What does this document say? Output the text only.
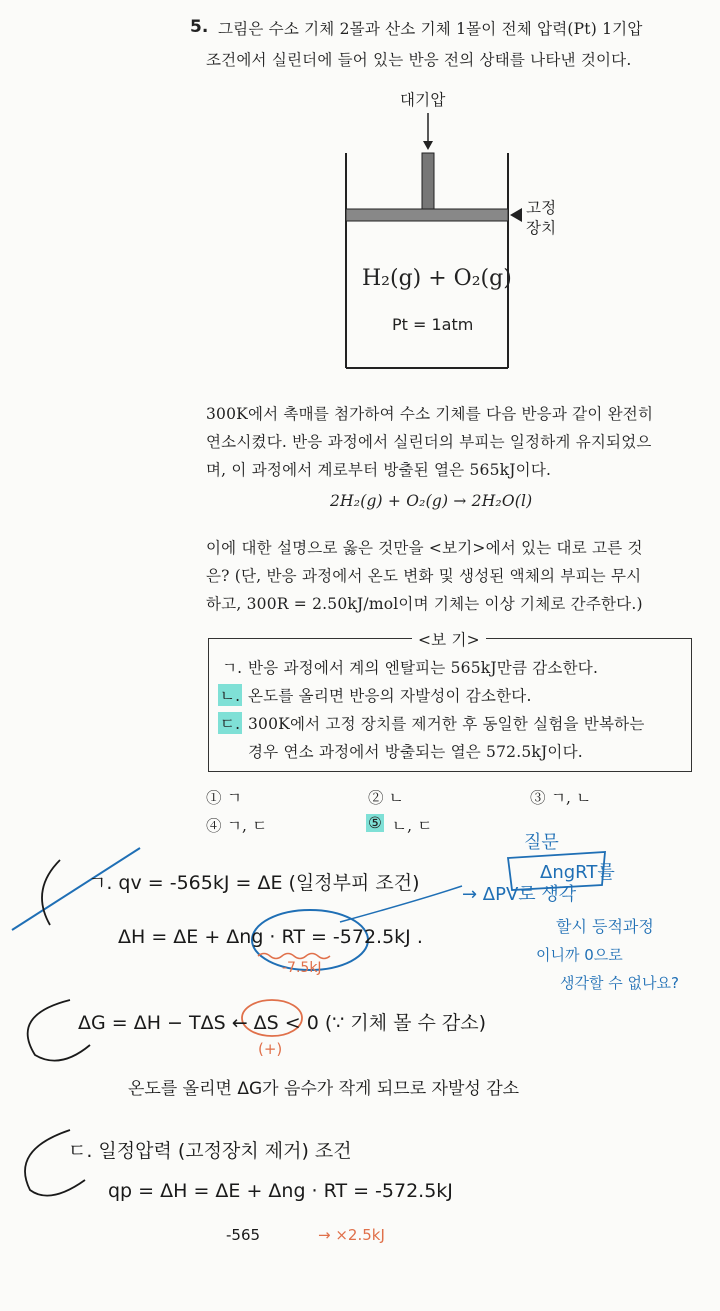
5. 그림은 수소 기체 2몰과 산소 기체 1몰이 전체 압력(Pt) 1기압
조건에서 실린더에 들어 있는 반응 전의 상태를 나타낸 것이다.
대기압
고정
장치
H₂(g) + O₂(g)
Pt = 1atm
300K에서 촉매를 첨가하여 수소 기체를 다음 반응과 같이 완전히
연소시켰다. 반응 과정에서 실린더의 부피는 일정하게 유지되었으
며, 이 과정에서 계로부터 방출된 열은 565kJ이다.
2H₂(g) + O₂(g) → 2H₂O(l)
이에 대한 설명으로 옳은 것만을 <보기>에서 있는 대로 고른 것
은? (단, 반응 과정에서 온도 변화 및 생성된 액체의 부피는 무시
하고, 300R = 2.50kJ/mol이며 기체는 이상 기체로 간주한다.)
<보 기>
ㄱ. 반응 과정에서 계의 엔탈피는 565kJ만큼 감소한다.
ㄴ. 온도를 올리면 반응의 자발성이 감소한다.
ㄷ. 300K에서 고정 장치를 제거한 후 동일한 실험을 반복하는
경우 연소 과정에서 방출되는 열은 572.5kJ이다.
① ㄱ	② ㄴ	③ ㄱ, ㄴ
④ ㄱ, ㄷ	⑤ ㄴ, ㄷ
ㄱ. qv = -565kJ = ΔE (일정부피 조건)
ΔH = ΔE + Δng · RT = -572.5kJ .
-7.5kJ
질문
ΔngRT를
→ ΔPV로 생각
할시 등적과정
이니까 0으로
생각할 수 없나요?
ΔG = ΔH − TΔS ← ΔS < 0 (∵ 기체 몰 수 감소)
(+)
온도를 올리면 ΔG가 음수가 작게 되므로 자발성 감소
ㄷ. 일정압력 (고정장치 제거) 조건
qp = ΔH = ΔE + Δng · RT = -572.5kJ
-565	→ ×2.5kJ
